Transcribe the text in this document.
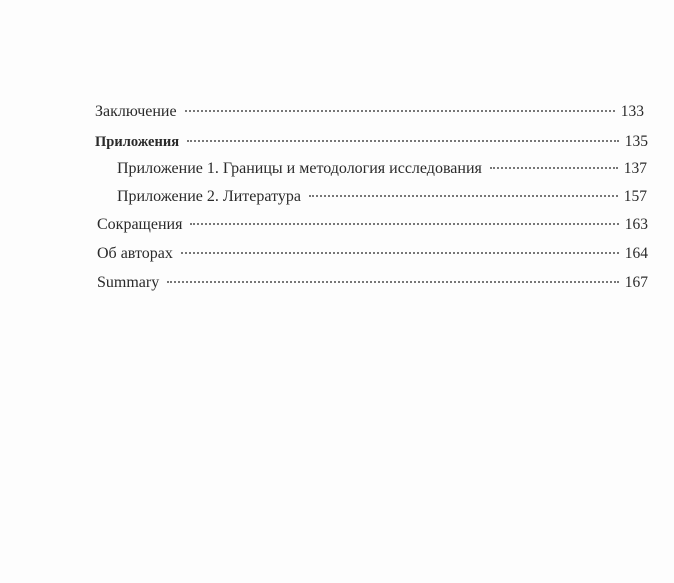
Заключение	133
Приложения	135
Приложение 1. Границы и методология исследования	137
Приложение 2. Литература	157
Сокращения	163
Об авторах	164
Summary	167
